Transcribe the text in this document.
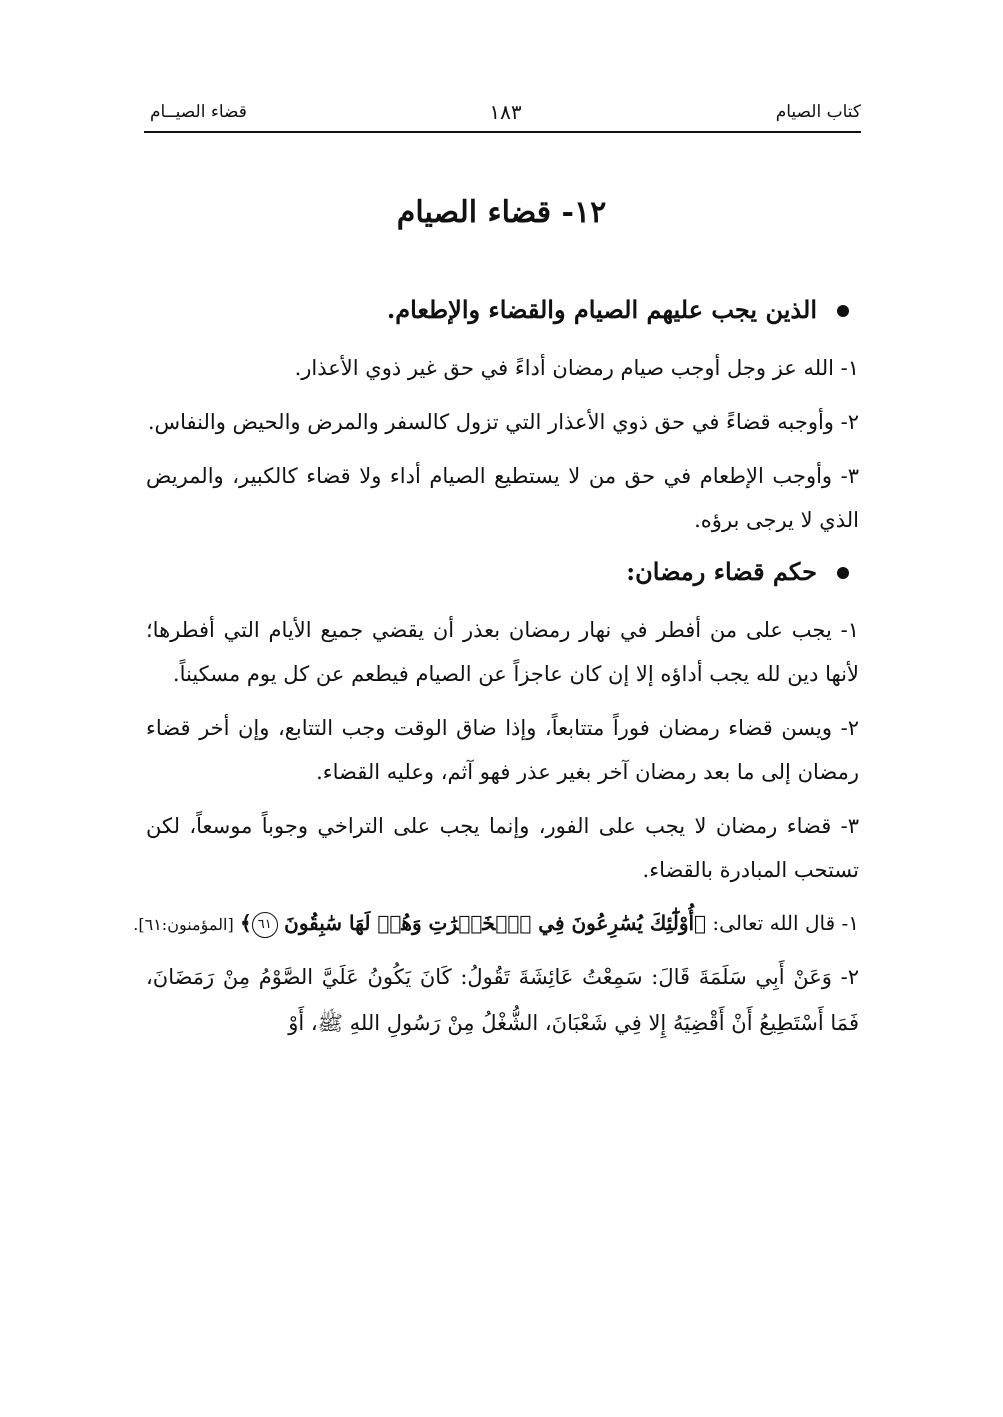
كتاب الصيام
١٨٣
قضاء الصيــام
١٢- قضاء الصيام
الذين يجب عليهم الصيام والقضاء والإطعام.

١- الله عز وجل أوجب صيام رمضان أداءً في حق غير ذوي الأعذار.

٢- وأوجبه قضاءً في حق ذوي الأعذار التي تزول كالسفر والمرض والحيض والنفاس.

٣- وأوجب الإطعام في حق من لا يستطيع الصيام أداء ولا قضاء كالكبير، والمريض الذي لا يرجى برؤه.

حكم قضاء رمضان:

١- يجب على من أفطر في نهار رمضان بعذر أن يقضي جميع الأيام التي أفطرها؛ لأنها دين لله يجب أداؤه إلا إن كان عاجزاً عن الصيام فيطعم عن كل يوم مسكيناً.

٢- ويسن قضاء رمضان فوراً متتابعاً، وإذا ضاق الوقت وجب التتابع، وإن أخر قضاء رمضان إلى ما بعد رمضان آخر بغير عذر فهو آثم، وعليه القضاء.

٣- قضاء رمضان لا يجب على الفور، وإنما يجب على التراخي وجوباً موسعاً، لكن تستحب المبادرة بالقضاء.

١- قال الله تعالى: ﴿أُوْلَٰٓئِكَ يُسَٰرِعُونَ فِي ٱلۡخَيۡرَٰتِ وَهُمۡ لَهَا سَٰبِقُونَ ٦١﴾ [المؤمنون:٦١].

٢- وَعَنْ أَبِي سَلَمَةَ قَالَ: سَمِعْتُ عَائِشَةَ تَقُولُ: كَانَ يَكُونُ عَلَيَّ الصَّوْمُ مِنْ رَمَضَانَ، فَمَا أَسْتَطِيعُ أَنْ أَقْضِيَهُ إِلا فِي شَعْبَانَ، الشُّغْلُ مِنْ رَسُولِ اللهِ ﷺ، أَوْ
